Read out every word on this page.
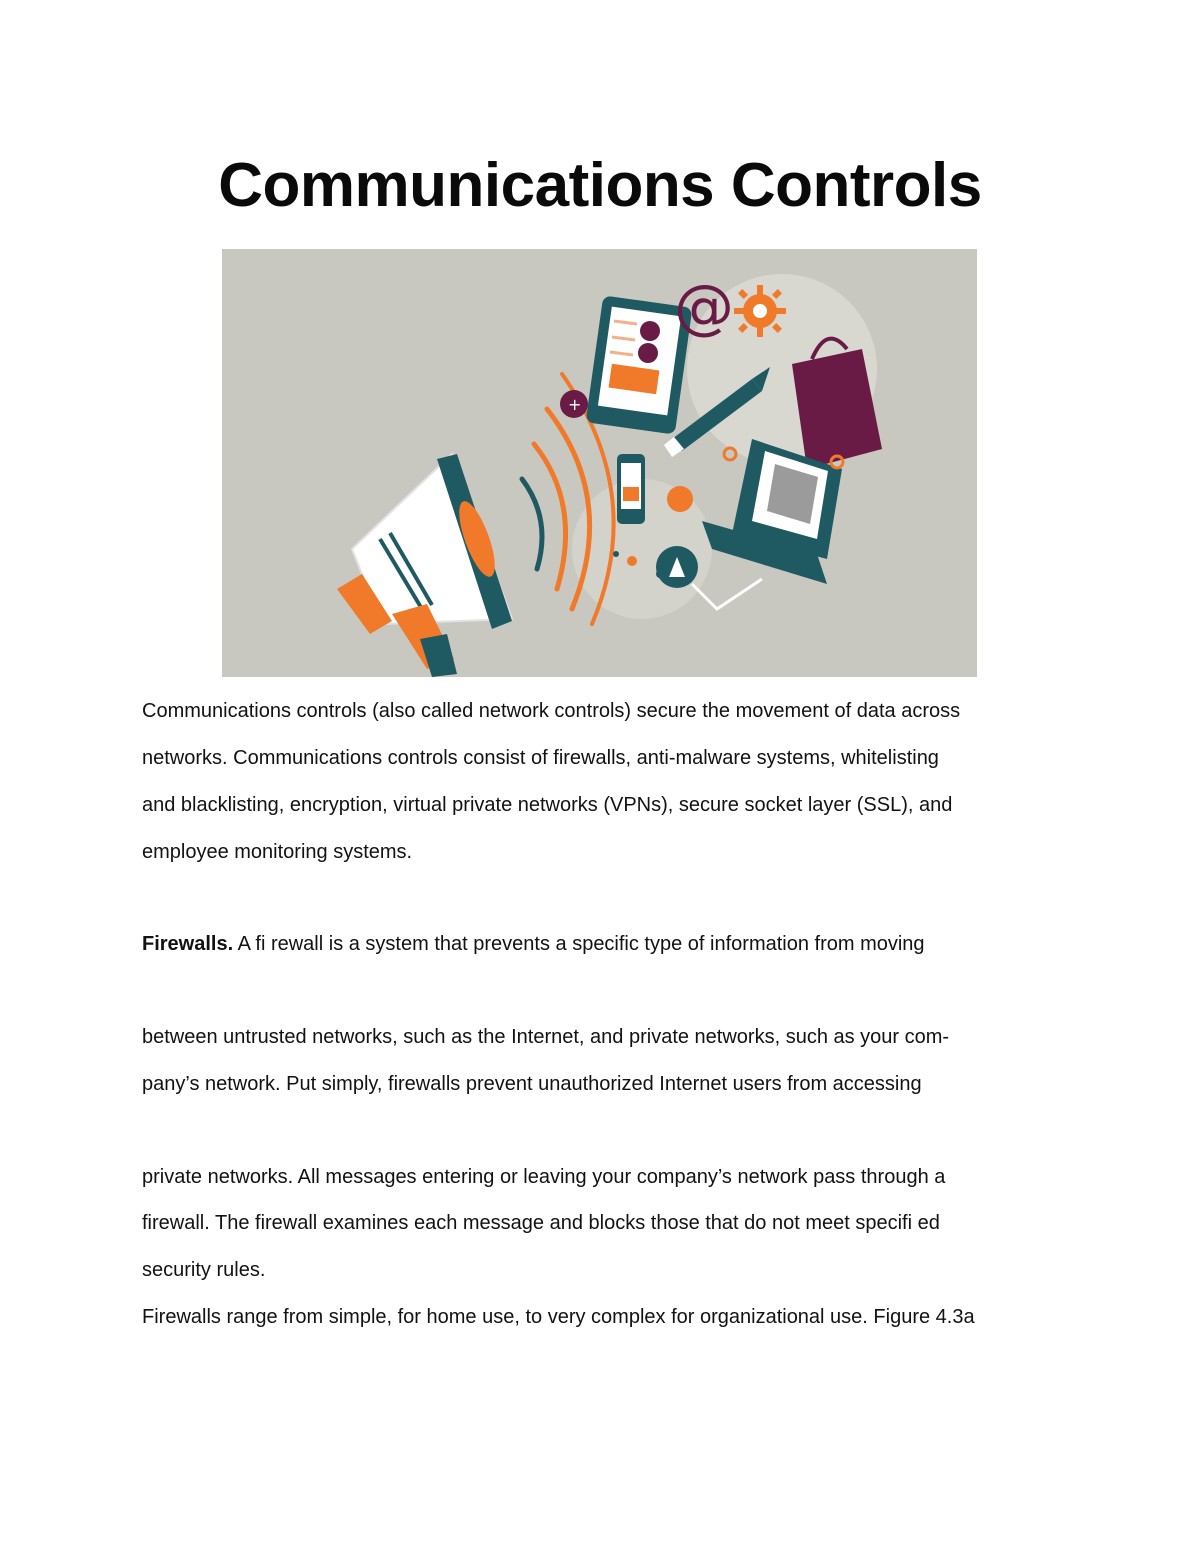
Communications Controls
@
+
Communications controls (also called network controls) secure the movement of data across
networks. Communications controls consist of firewalls, anti-malware systems, whitelisting
and blacklisting, encryption, virtual private networks (VPNs), secure socket layer (SSL), and
employee monitoring systems.
Firewalls. A fi rewall is a system that prevents a specific type of information from moving
between untrusted networks, such as the Internet, and private networks, such as your com-
pany’s network. Put simply, firewalls prevent unauthorized Internet users from accessing
private networks. All messages entering or leaving your company’s network pass through a
firewall. The firewall examines each message and blocks those that do not meet specifi ed
security rules.
Firewalls range from simple, for home use, to very complex for organizational use. Figure 4.3a
